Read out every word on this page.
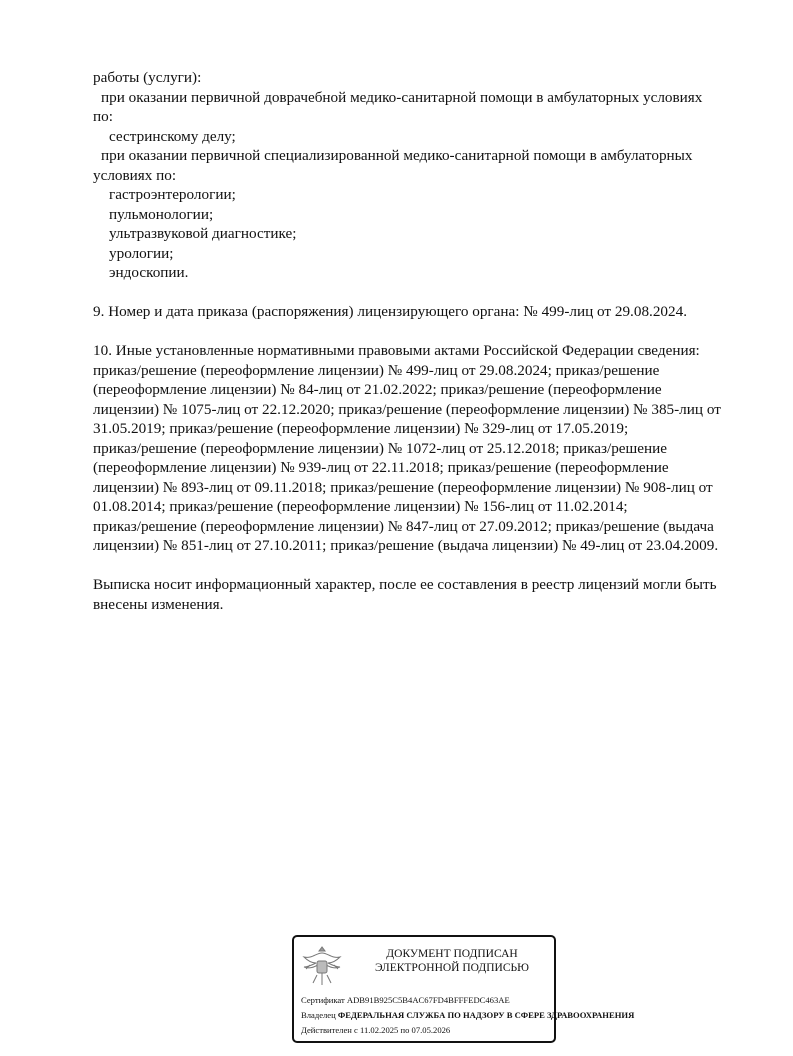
работы (услуги):
при оказании первичной доврачебной медико-санитарной помощи в амбулаторных условиях
по:
сестринскому делу;
при оказании первичной специализированной медико-санитарной помощи в амбулаторных
условиях по:
гастроэнтерологии;
пульмонологии;
ультразвуковой диагностике;
урологии;
эндоскопии.
9. Номер и дата приказа (распоряжения) лицензирующего органа: № 499-лиц от 29.08.2024.
10. Иные установленные нормативными правовыми актами Российской Федерации сведения:
приказ/решение (переоформление лицензии) № 499-лиц от 29.08.2024; приказ/решение
(переоформление лицензии) № 84-лиц от 21.02.2022; приказ/решение (переоформление
лицензии) № 1075-лиц от 22.12.2020; приказ/решение (переоформление лицензии) № 385-лиц от
31.05.2019; приказ/решение (переоформление лицензии) № 329-лиц от 17.05.2019;
приказ/решение (переоформление лицензии) № 1072-лиц от 25.12.2018; приказ/решение
(переоформление лицензии) № 939-лиц от 22.11.2018; приказ/решение (переоформление
лицензии) № 893-лиц от 09.11.2018; приказ/решение (переоформление лицензии) № 908-лиц от
01.08.2014; приказ/решение (переоформление лицензии) № 156-лиц от 11.02.2014;
приказ/решение (переоформление лицензии) № 847-лиц от 27.09.2012; приказ/решение (выдача
лицензии) № 851-лиц от 27.10.2011; приказ/решение (выдача лицензии) № 49-лиц от 23.04.2009.
Выписка носит информационный характер, после ее составления в реестр лицензий могли быть
внесены изменения.
ДОКУМЕНТ ПОДПИСАН
ЭЛЕКТРОННОЙ ПОДПИСЬЮ
Сертификат ADB91B925C5B4AC67FD4BFFFEDC463AE
Владелец ФЕДЕРАЛЬНАЯ СЛУЖБА ПО НАДЗОРУ В СФЕРЕ ЗДРАВООХРАНЕНИЯ
Действителен с 11.02.2025 по 07.05.2026
